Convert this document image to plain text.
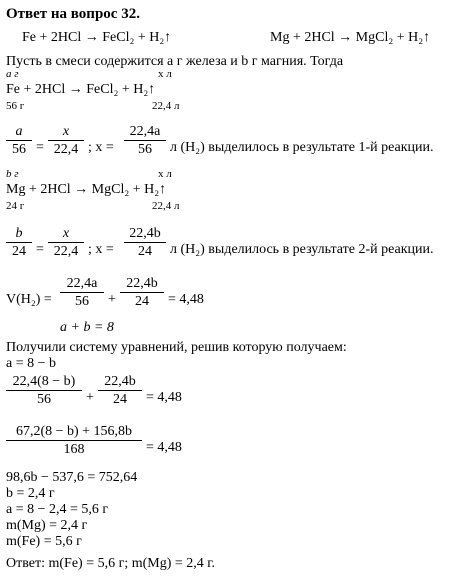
Ответ на вопрос 32.
Fe + 2HCl → FeCl₂ + H₂↑	Mg + 2HCl → MgCl₂ + H₂↑
Пусть в смеси содержится a г железа и b г магния. Тогда
a г	x л
Fe + 2HCl → FeCl₂ + H₂↑
56 г	22,4 л
a
56 =
x
22,4 ; x =
22,4a
56	л (H₂) выделилось в результате 1-й реакции.
b г	x л
Mg + 2HCl → MgCl₂ + H₂↑
24 г	22,4 л
b
24 =
x
22,4 ; x =
22,4b
24	л (H₂) выделилось в результате 2-й реакции.
V(H₂) =
22,4a
56	+
22,4b
24	= 4,48
a + b = 8
Получили систему уравнений, решив которую получаем:
a = 8 − b
22,4(8 − b)
56	+
22,4b
24	= 4,48
67,2(8 − b) + 156,8b
168	= 4,48
98,6b − 537,6 = 752,64
b = 2,4 г
a = 8 − 2,4 = 5,6 г
m(Mg) = 2,4 г
m(Fe) = 5,6 г
Ответ: m(Fe) = 5,6 г; m(Mg) = 2,4 г.
